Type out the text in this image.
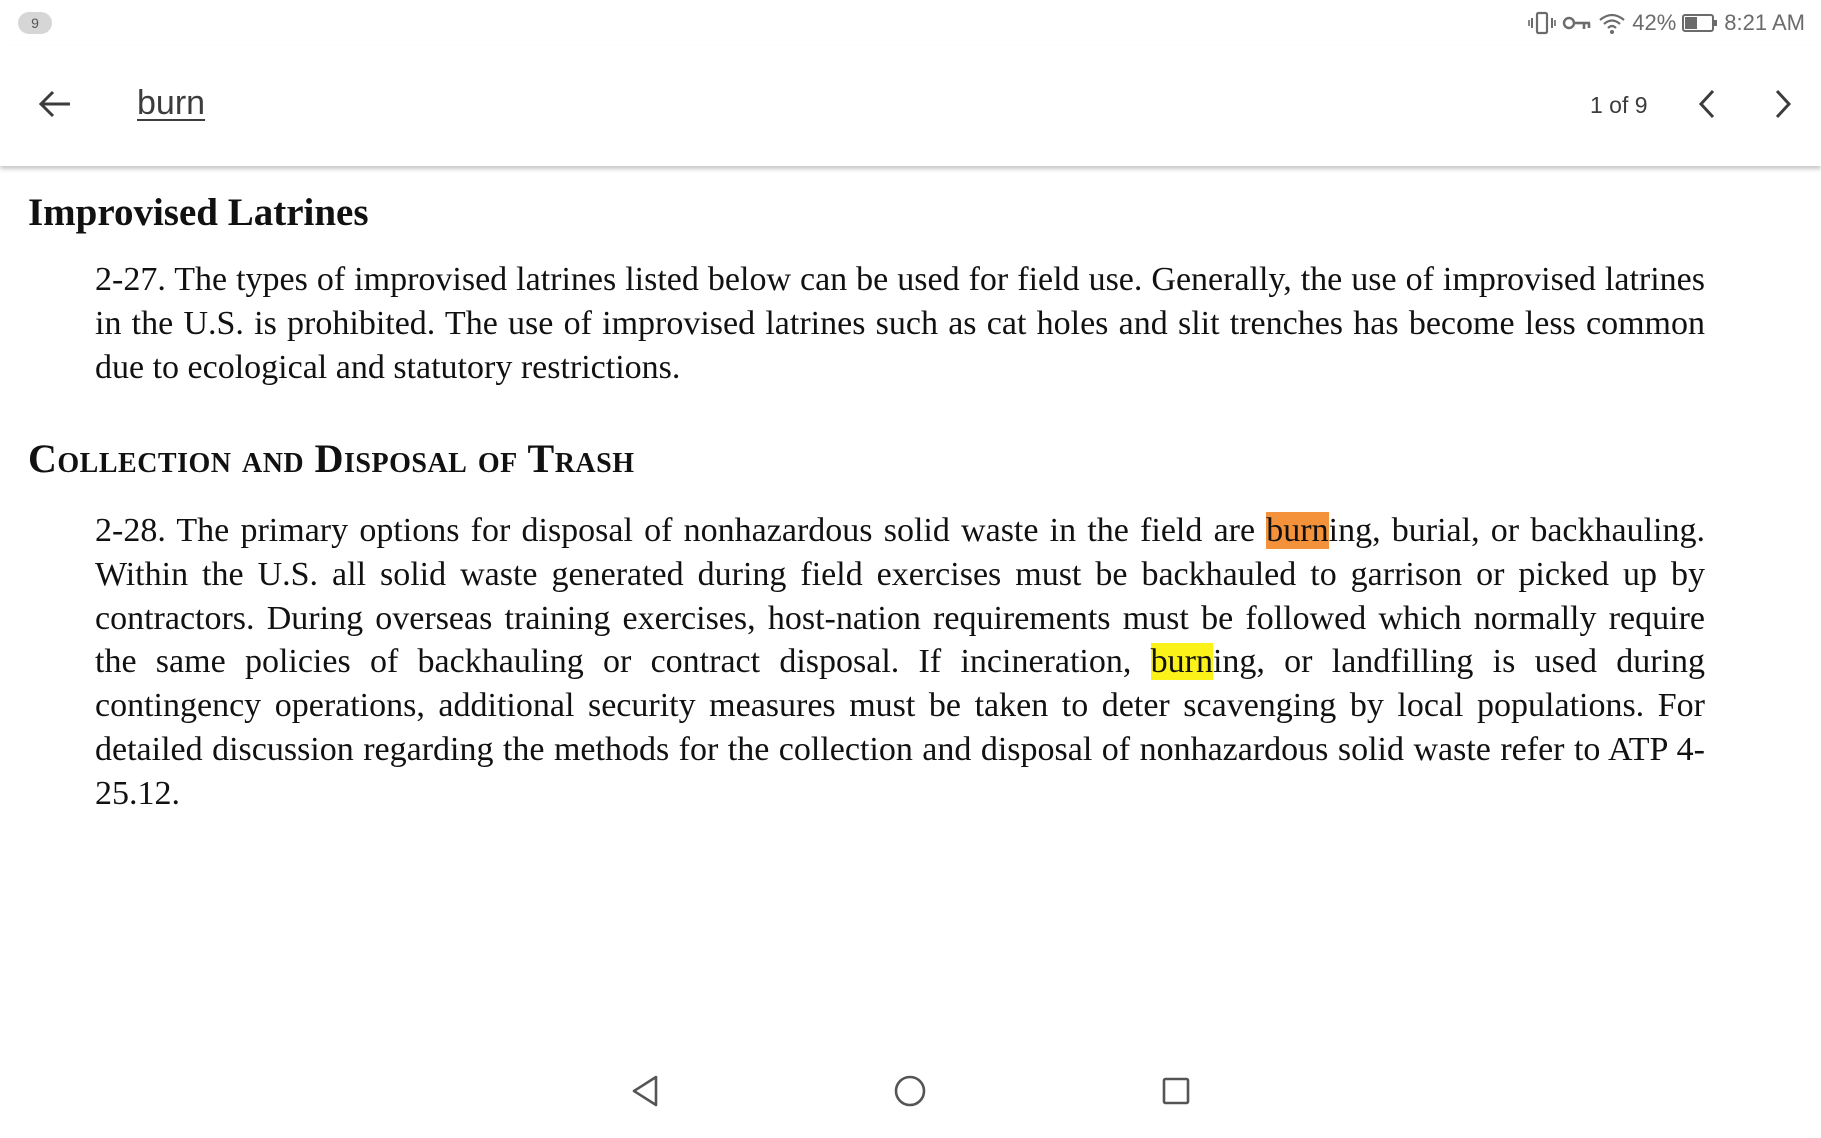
9	42% 8:21 AM
burn	1 of 9
Improvised Latrines

2-27. The types of improvised latrines listed below can be used for field use. Generally, the use of improvised latrines in the U.S. is prohibited. The use of improvised latrines such as cat holes and slit trenches has become less common due to ecological and statutory restrictions.

Collection and Disposal of Trash

2-28. The primary options for disposal of nonhazardous solid waste in the field are burning, burial, or backhauling. Within the U.S. all solid waste generated during field exercises must be backhauled to garrison or picked up by contractors. During overseas training exercises, host-nation requirements must be followed which normally require the same policies of backhauling or contract disposal. If incineration, burning, or landfilling is used during contingency operations, additional security measures must be taken to deter scavenging by local populations. For detailed discussion regarding the methods for the collection and disposal of nonhazardous solid waste refer to ATP 4-25.12.
